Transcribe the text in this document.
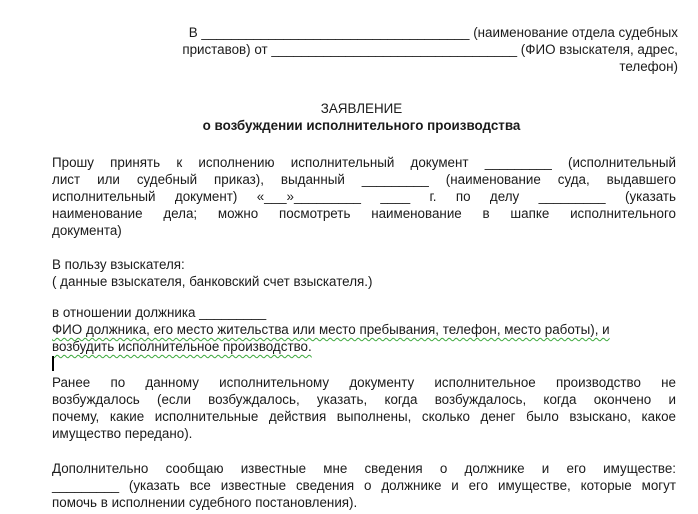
В ____________________________________ (наименование отдела судебных
приставов) от _________________________________ (ФИО взыскателя, адрес,
телефон)
ЗАЯВЛЕНИЕ
о возбуждении исполнительного производства
Прошу принять к исполнению исполнительный документ _________ (исполнительный
лист или судебный приказ), выданный _________ (наименование суда, выдавшего
исполнительный документ) «___»_________ ____ г. по делу _________ (указать
наименование дела; можно посмотреть наименование в шапке исполнительного
документа)
В пользу взыскателя:
( данные взыскателя, банковский счет взыскателя.)
в отношении должника _________
ФИО должника, его место жительства или место пребывания, телефон, место работы), и
возбудить исполнительное производство.
Ранее по данному исполнительному документу исполнительное производство не
возбуждалось (если возбуждалось, указать, когда возбуждалось, когда окончено и
почему, какие исполнительные действия выполнены, сколько денег было взыскано, какое
имущество передано).
Дополнительно сообщаю известные мне сведения о должнике и его имуществе:
_________ (указать все известные сведения о должнике и его имуществе, которые могут
помочь в исполнении судебного постановления).
